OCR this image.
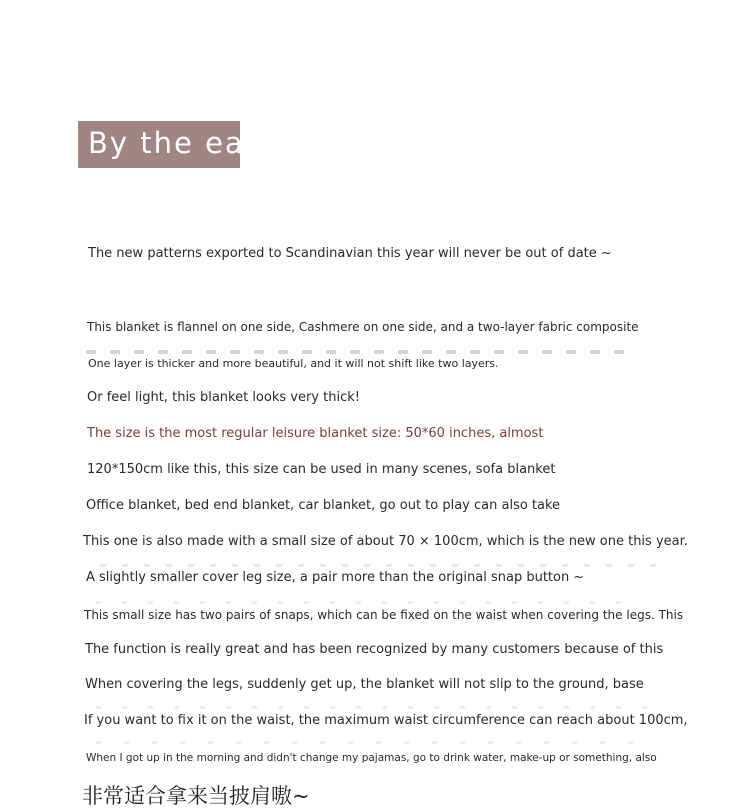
By the ear
The new patterns exported to Scandinavian this year will never be out of date ~
This blanket is flannel on one side, Cashmere on one side, and a two-layer fabric composite
One layer is thicker and more beautiful, and it will not shift like two layers.
Or feel light, this blanket looks very thick!
The size is the most regular leisure blanket size: 50*60 inches, almost
120*150cm like this, this size can be used in many scenes, sofa blanket
Office blanket, bed end blanket, car blanket, go out to play can also take
This one is also made with a small size of about 70 × 100cm, which is the new one this year.
A slightly smaller cover leg size, a pair more than the original snap button ~
This small size has two pairs of snaps, which can be fixed on the waist when covering the legs. This
The function is really great and has been recognized by many customers because of this
When covering the legs, suddenly get up, the blanket will not slip to the ground, base
If you want to fix it on the waist, the maximum waist circumference can reach about 100cm,
When I got up in the morning and didn't change my pajamas, go to drink water, make-up or something, also
非常适合拿来当披肩嗷~
